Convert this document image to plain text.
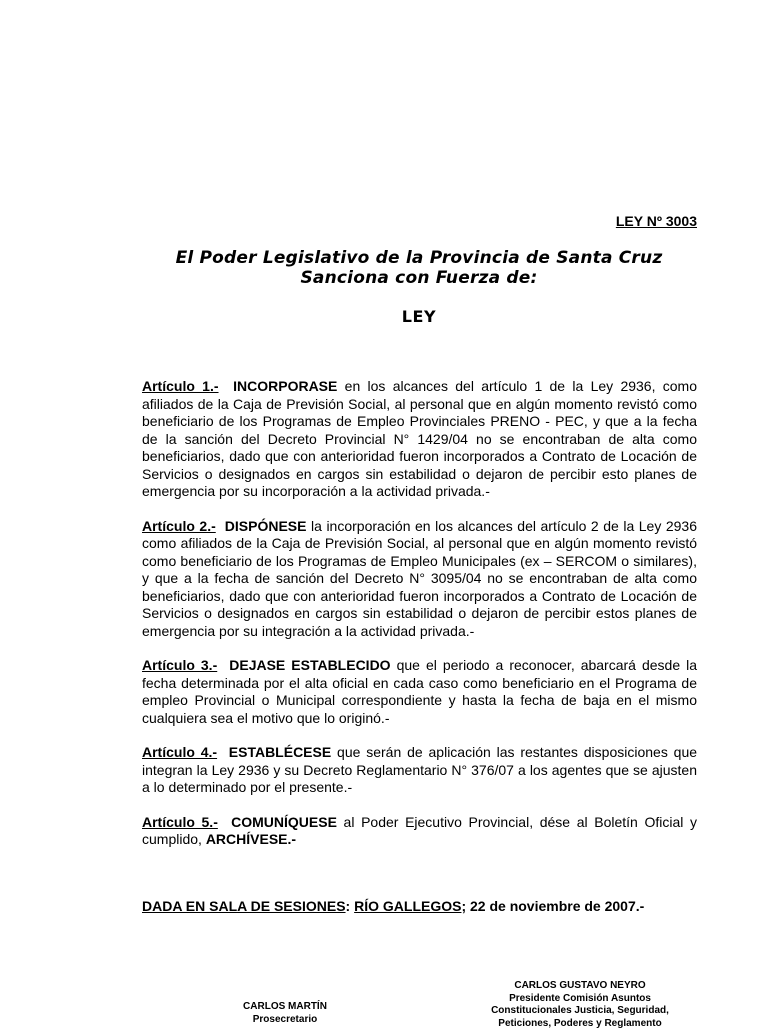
LEY Nº 3003
El Poder Legislativo de la Provincia de Santa Cruz
Sanciona con Fuerza de:
LEY

Artículo 1.- INCORPORASE en los alcances del artículo 1 de la Ley 2936, como afiliados de la Caja de Previsión Social, al personal que en algún momento revistó como beneficiario de los Programas de Empleo Provinciales PRENO - PEC, y que a la fecha de la sanción del Decreto Provincial N° 1429/04 no se encontraban de alta como beneficiarios, dado que con anterioridad fueron incorporados a Contrato de Locación de Servicios o designados en cargos sin estabilidad o dejaron de percibir esto planes de emergencia por su incorporación a la actividad privada.-

Artículo 2.- DISPÓNESE la incorporación en los alcances del artículo 2 de la Ley 2936 como afiliados de la Caja de Previsión Social, al personal que en algún momento revistó como beneficiario de los Programas de Empleo Municipales (ex – SERCOM o similares), y que a la fecha de sanción del Decreto N° 3095/04 no se encontraban de alta como beneficiarios, dado que con anterioridad fueron incorporados a Contrato de Locación de Servicios o designados en cargos sin estabilidad o dejaron de percibir estos planes de emergencia por su integración a la actividad privada.-

Artículo 3.- DEJASE ESTABLECIDO que el periodo a reconocer, abarcará desde la fecha determinada por el alta oficial en cada caso como beneficiario en el Programa de empleo Provincial o Municipal correspondiente y hasta la fecha de baja en el mismo cualquiera sea el motivo que lo originó.-

Artículo 4.- ESTABLÉCESE que serán de aplicación las restantes disposiciones que integran la Ley 2936 y su Decreto Reglamentario N° 376/07 a los agentes que se ajusten a lo determinado por el presente.-

Artículo 5.- COMUNÍQUESE al Poder Ejecutivo Provincial, dése al Boletín Oficial y cumplido, ARCHÍVESE.-

DADA EN SALA DE SESIONES: RÍO GALLEGOS; 22 de noviembre de 2007.-
CARLOS MARTÍN
Prosecretario
CARLOS GUSTAVO NEYRO
Presidente Comisión Asuntos
Constitucionales Justicia, Seguridad,
Peticiones, Poderes y Reglamento
